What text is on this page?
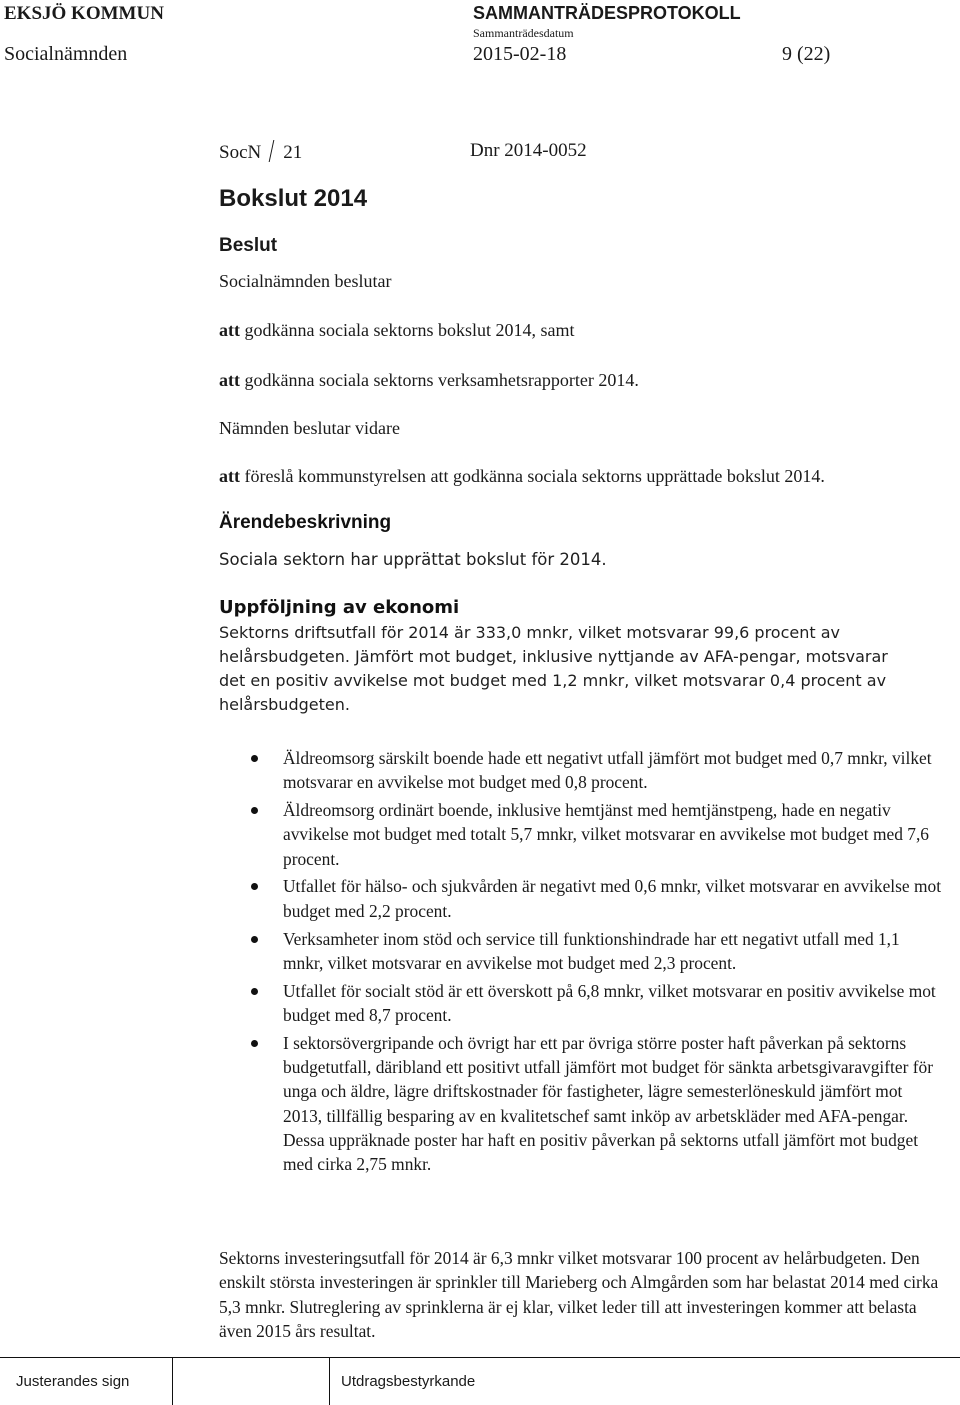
EKSJÖ KOMMUN	SAMMANTRÄDESPROTOKOLL
Sammanträdesdatum
Socialnämnden	2015-02-18	9 (22)
SocN 21	Dnr 2014-0052
Bokslut 2014
Beslut
Socialnämnden beslutar
att godkänna sociala sektorns bokslut 2014, samt
att godkänna sociala sektorns verksamhetsrapporter 2014.
Nämnden beslutar vidare
att föreslå kommunstyrelsen att godkänna sociala sektorns upprättade bokslut 2014.
Ärendebeskrivning
Sociala sektorn har upprättat bokslut för 2014.
Uppföljning av ekonomi
Sektorns driftsutfall för 2014 är 333,0 mnkr, vilket motsvarar 99,6 procent av
helårsbudgeten. Jämfört mot budget, inklusive nyttjande av AFA-pengar, motsvarar
det en positiv avvikelse mot budget med 1,2 mnkr, vilket motsvarar 0,4 procent av
helårsbudgeten.
Äldreomsorg särskilt boende hade ett negativt utfall jämfört mot budget med 0,7 mnkr, vilket motsvarar en avvikelse mot budget med 0,8 procent.
Äldreomsorg ordinärt boende, inklusive hemtjänst med hemtjänstpeng, hade en negativ avvikelse mot budget med totalt 5,7 mnkr, vilket motsvarar en avvikelse mot budget med 7,6 procent.
Utfallet för hälso- och sjukvården är negativt med 0,6 mnkr, vilket motsvarar en avvikelse mot budget med 2,2 procent.
Verksamheter inom stöd och service till funktionshindrade har ett negativt utfall med 1,1 mnkr, vilket motsvarar en avvikelse mot budget med 2,3 procent.
Utfallet för socialt stöd är ett överskott på 6,8 mnkr, vilket motsvarar en positiv avvikelse mot budget med 8,7 procent.
I sektorsövergripande och övrigt har ett par övriga större poster haft påverkan på sektorns budgetutfall, däribland ett positivt utfall jämfört mot budget för sänkta arbetsgivaravgifter för unga och äldre, lägre driftskostnader för fastigheter, lägre semesterlöneskuld jämfört mot 2013, tillfällig besparing av en kvalitetschef samt inköp av arbetskläder med AFA-pengar. Dessa uppräknade poster har haft en positiv påverkan på sektorns utfall jämfört mot budget med cirka 2,75 mnkr.
Sektorns investeringsutfall för 2014 är 6,3 mnkr vilket motsvarar 100 procent av helårbudgeten. Den enskilt största investeringen är sprinkler till Marieberg och Almgården som har belastat 2014 med cirka 5,3 mnkr. Slutreglering av sprinklerna är ej klar, vilket leder till att investeringen kommer att belasta även 2015 års resultat.
Justerandes sign	Utdragsbestyrkande
